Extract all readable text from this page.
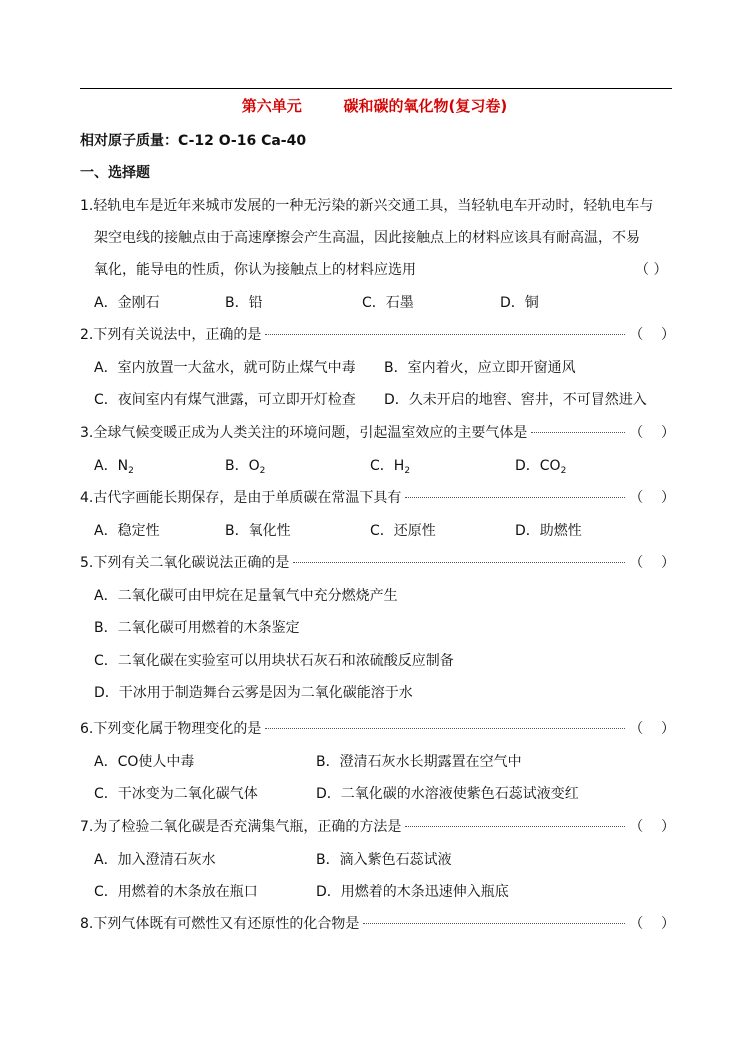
第六单元        碳和碳的氧化物(复习卷)
相对原子质量：C-12 O-16 Ca-40
一、选择题
1.轻轨电车是近年来城市发展的一种无污染的新兴交通工具，当轻轨电车开动时，轻轨电车与
架空电线的接触点由于高速摩擦会产生高温，因此接触点上的材料应该具有耐高温，不易
氧化，能导电的性质，你认为接触点上的材料应选用	（ ）
A．金刚石	B．铅	C．石墨	D．铜
2.下列有关说法中，正确的是	（    ）
A．室内放置一大盆水，就可防止煤气中毒 B．室内着火，应立即开窗通风
C．夜间室内有煤气泄露，可立即开灯检查 D．久未开启的地窖、窖井，不可冒然进入
3.全球气候变暖正成为人类关注的环境问题，引起温室效应的主要气体是	（    ）
A．$N_2$	B．$O_2$	C．$H_2$	D．$CO_2$
4.古代字画能长期保存，是由于单质碳在常温下具有	（    ）
A．稳定性	B．氧化性	C．还原性	D．助燃性
5.下列有关二氧化碳说法正确的是	（    ）
A．二氧化碳可由甲烷在足量氧气中充分燃烧产生
B．二氧化碳可用燃着的木条鉴定
C．二氧化碳在实验室可以用块状石灰石和浓硫酸反应制备
D．干冰用于制造舞台云雾是因为二氧化碳能溶于水
6.下列变化属于物理变化的是	（    ）
A．CO使人中毒	B．澄清石灰水长期露置在空气中
C．干冰变为二氧化碳气体	D．二氧化碳的水溶液使紫色石蕊试液变红
7.为了检验二氧化碳是否充满集气瓶，正确的方法是	（    ）
A．加入澄清石灰水	B．滴入紫色石蕊试液
C．用燃着的木条放在瓶口	D．用燃着的木条迅速伸入瓶底
8.下列气体既有可燃性又有还原性的化合物是	（    ）
